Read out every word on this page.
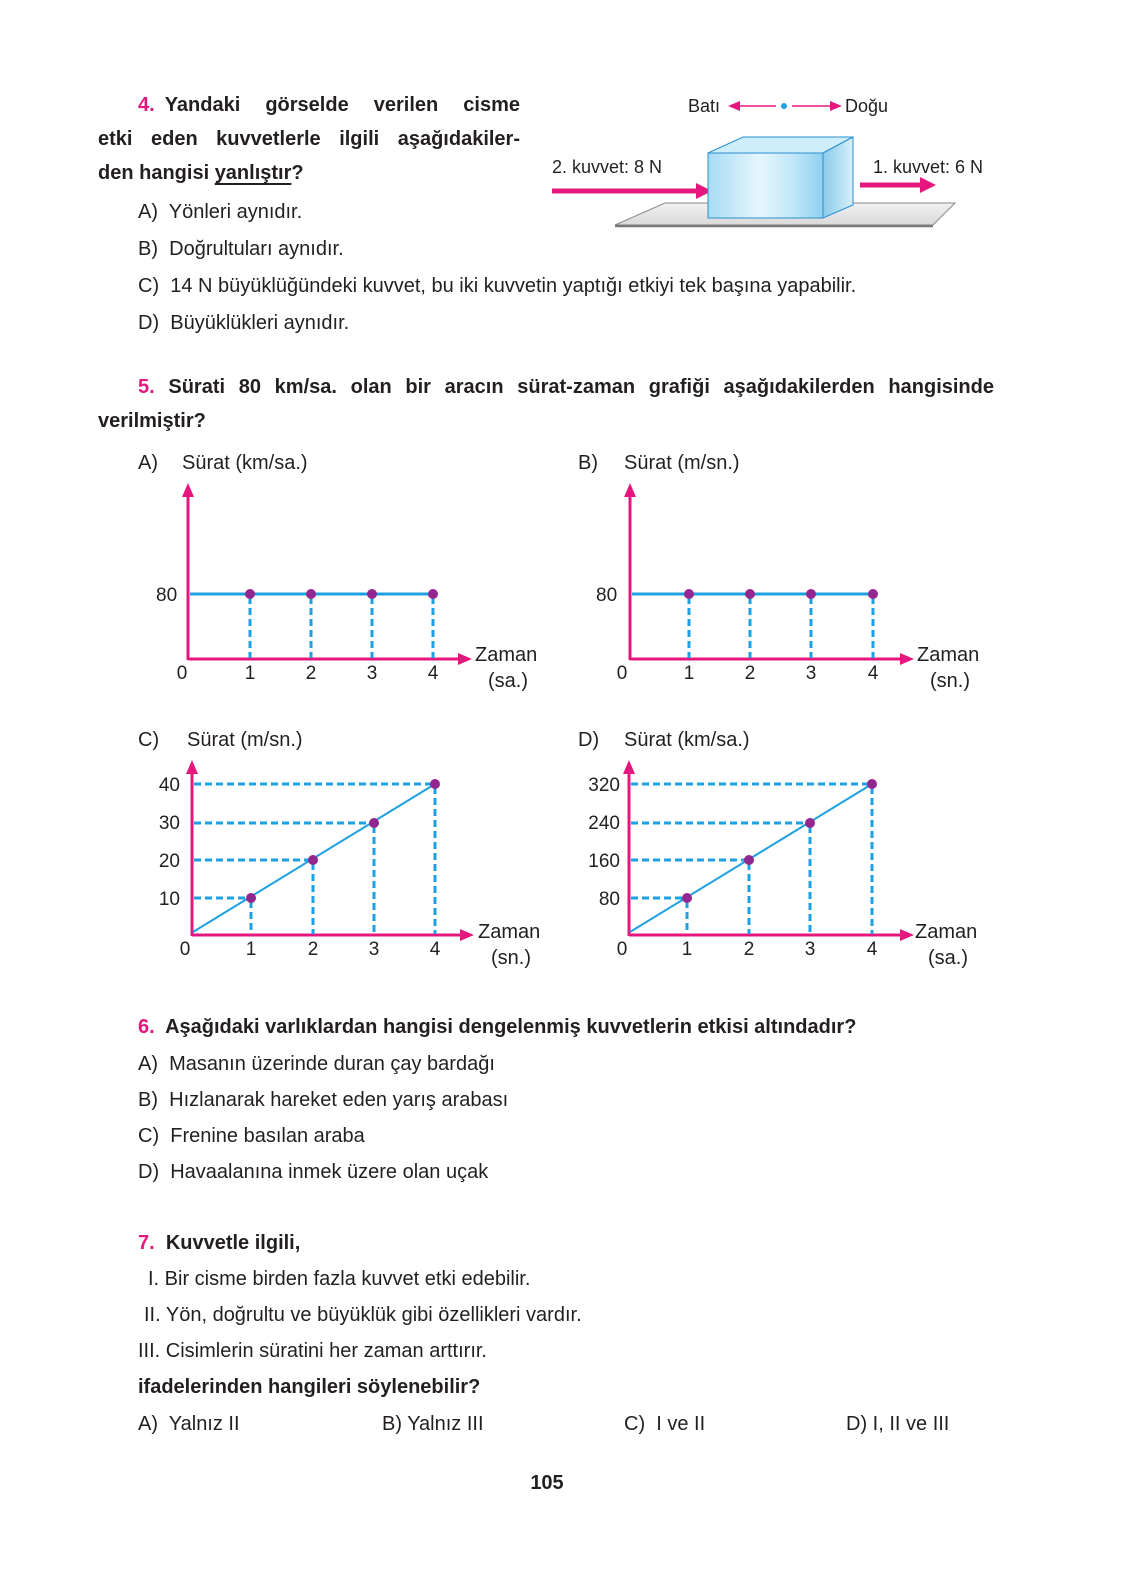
4. Yandaki görselde verilen cisme
etki eden kuvvetlerle ilgili aşağıdakiler-
den hangisi yanlıştır?
Batı	Doğu
2. kuvvet: 8 N	1. kuvvet: 6 N
A) Yönleri aynıdır.
B) Doğrultuları aynıdır.
C) 14 N büyüklüğündeki kuvvet, bu iki kuvvetin yaptığı etkiyi tek başına yapabilir.
D) Büyüklükleri aynıdır.
5. Sürati 80 km/sa. olan bir aracın sürat-zaman grafiği aşağıdakilerden hangisinde
verilmiştir?
A) Sürat (km/sa.)
80
0	1	2	3	4
Zaman
(sa.)
B) Sürat (m/sn.)
80
0	1	2	3	4
Zaman
(sn.)
C) Sürat (m/sn.)
10
20
30
40
0	1	2	3	4
Zaman
(sn.)
D) Sürat (km/sa.)
80
160
240
320
0	1	2	3	4
Zaman
(sa.)
6. Aşağıdaki varlıklardan hangisi dengelenmiş kuvvetlerin etkisi altındadır?
A) Masanın üzerinde duran çay bardağı
B) Hızlanarak hareket eden yarış arabası
C) Frenine basılan araba
D) Havaalanına inmek üzere olan uçak
7. Kuvvetle ilgili,
I. Bir cisme birden fazla kuvvet etki edebilir.
II. Yön, doğrultu ve büyüklük gibi özellikleri vardır.
III. Cisimlerin süratini her zaman arttırır.
ifadelerinden hangileri söylenebilir?
A) Yalnız II	B) Yalnız III	C) I ve II	D) I, II ve III
105
